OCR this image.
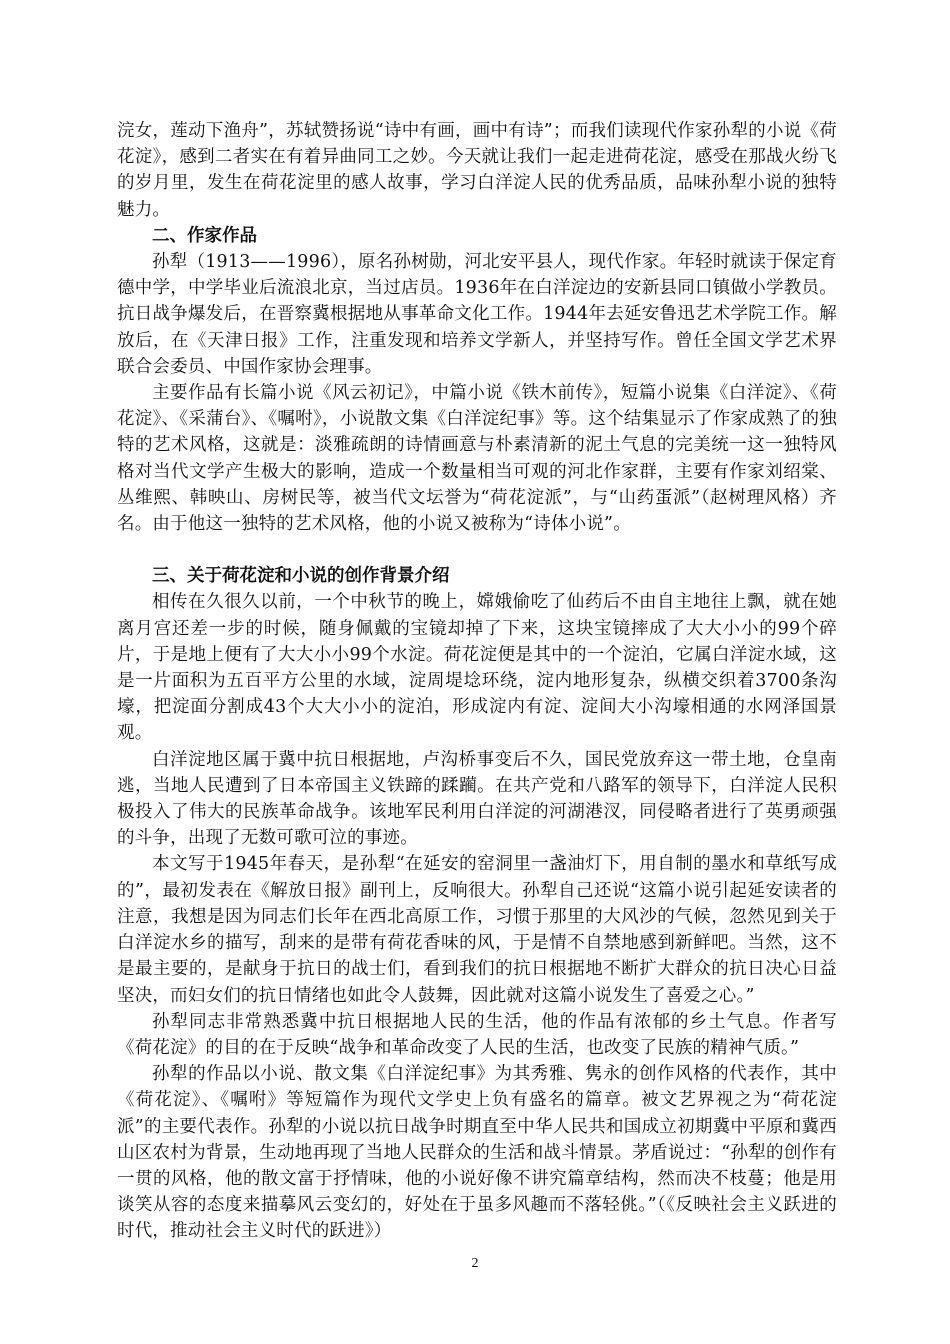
浣女，莲动下渔舟”，苏轼赞扬说“诗中有画，画中有诗”；而我们读现代作家孙犁的小说《荷花淀》，感到二者实在有着异曲同工之妙。今天就让我们一起走进荷花淀，感受在那战火纷飞的岁月里，发生在荷花淀里的感人故事，学习白洋淀人民的优秀品质，品味孙犁小说的独特魅力。

二、作家作品

孙犁（1913——1996），原名孙树勋，河北安平县人，现代作家。年轻时就读于保定育德中学，中学毕业后流浪北京，当过店员。1936年在白洋淀边的安新县同口镇做小学教员。抗日战争爆发后，在晋察冀根据地从事革命文化工作。1944年去延安鲁迅艺术学院工作。解放后，在《天津日报》工作，注重发现和培养文学新人，并坚持写作。曾任全国文学艺术界联合会委员、中国作家协会理事。

主要作品有长篇小说《风云初记》，中篇小说《铁木前传》，短篇小说集《白洋淀》、《荷花淀》、《采蒲台》、《嘱咐》，小说散文集《白洋淀纪事》等。这个结集显示了作家成熟了的独特的艺术风格，这就是：淡雅疏朗的诗情画意与朴素清新的泥土气息的完美统一这一独特风格对当代文学产生极大的影响，造成一个数量相当可观的河北作家群，主要有作家刘绍棠、丛维熙、韩映山、房树民等，被当代文坛誉为“荷花淀派”，与“山药蛋派”（赵树理风格）齐名。由于他这一独特的艺术风格，他的小说又被称为“诗体小说”。

三、关于荷花淀和小说的创作背景介绍

相传在久很久以前，一个中秋节的晚上，嫦娥偷吃了仙药后不由自主地往上飘，就在她离月宫还差一步的时候，随身佩戴的宝镜却掉了下来，这块宝镜摔成了大大小小的99个碎片，于是地上便有了大大小小99个水淀。荷花淀便是其中的一个淀泊，它属白洋淀水域，这是一片面积为五百平方公里的水域，淀周堤埝环绕，淀内地形复杂，纵横交织着3700条沟壕，把淀面分割成43个大大小小的淀泊，形成淀内有淀、淀间大小沟壕相通的水网泽国景观。

白洋淀地区属于冀中抗日根据地，卢沟桥事变后不久，国民党放弃这一带土地，仓皇南逃，当地人民遭到了日本帝国主义铁蹄的蹂躏。在共产党和八路军的领导下，白洋淀人民积极投入了伟大的民族革命战争。该地军民利用白洋淀的河湖港汊，同侵略者进行了英勇顽强的斗争，出现了无数可歌可泣的事迹。

本文写于1945年春天，是孙犁“在延安的窑洞里一盏油灯下，用自制的墨水和草纸写成的”，最初发表在《解放日报》副刊上，反响很大。孙犁自己还说“这篇小说引起延安读者的注意，我想是因为同志们长年在西北高原工作，习惯于那里的大风沙的气候，忽然见到关于白洋淀水乡的描写，刮来的是带有荷花香味的风，于是情不自禁地感到新鲜吧。当然，这不是最主要的，是献身于抗日的战士们，看到我们的抗日根据地不断扩大群众的抗日决心日益坚决，而妇女们的抗日情绪也如此令人鼓舞，因此就对这篇小说发生了喜爱之心。”

孙犁同志非常熟悉冀中抗日根据地人民的生活，他的作品有浓郁的乡土气息。作者写《荷花淀》的目的在于反映“战争和革命改变了人民的生活，也改变了民族的精神气质。”

孙犁的作品以小说、散文集《白洋淀纪事》为其秀雅、隽永的创作风格的代表作，其中《荷花淀》、《嘱咐》等短篇作为现代文学史上负有盛名的篇章。被文艺界视之为“荷花淀派”的主要代表作。孙犁的小说以抗日战争时期直至中华人民共和国成立初期冀中平原和冀西山区农村为背景，生动地再现了当地人民群众的生活和战斗情景。茅盾说过：“孙犁的创作有一贯的风格，他的散文富于抒情味，他的小说好像不讲究篇章结构，然而决不枝蔓；他是用谈笑从容的态度来描摹风云变幻的，好处在于虽多风趣而不落轻佻。”（《反映社会主义跃进的时代，推动社会主义时代的跃进》）

2
